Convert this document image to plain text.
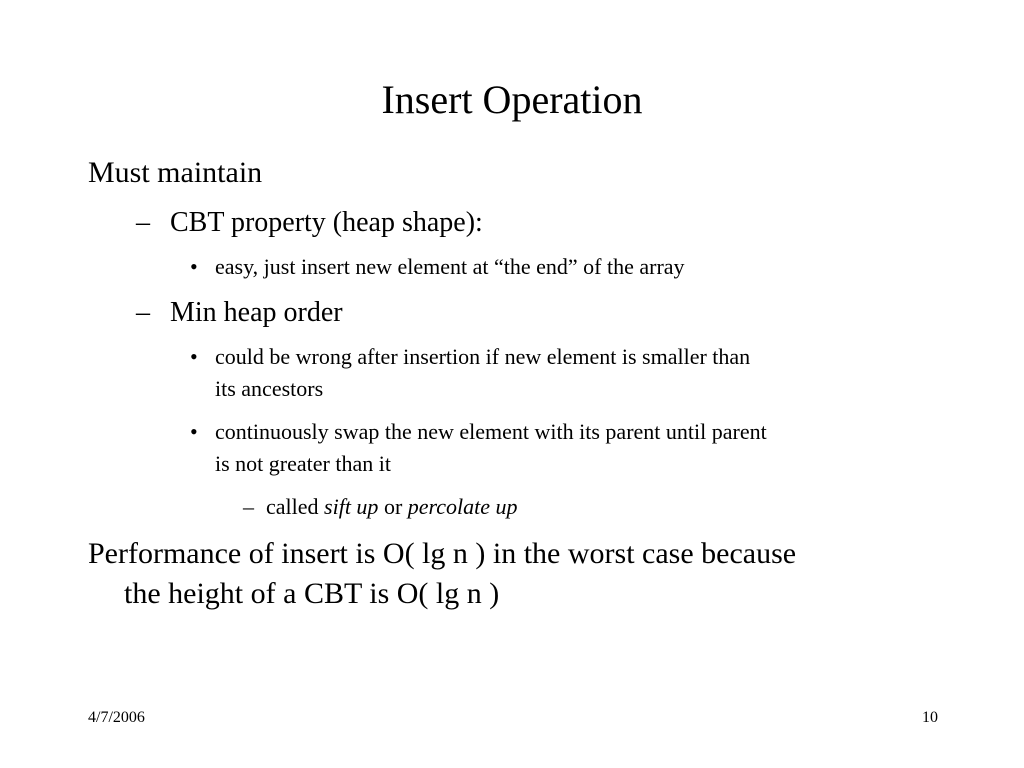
Insert Operation
Must maintain
– CBT property (heap shape):
• easy, just insert new element at “the end” of the array
– Min heap order
• could be wrong after insertion if new element is smaller than
its ancestors
• continuously swap the new element with its parent until parent
is not greater than it
– called sift up or percolate up
Performance of insert is O( lg n ) in the worst case because
the height of a CBT is O( lg n )
4/7/2006	10
